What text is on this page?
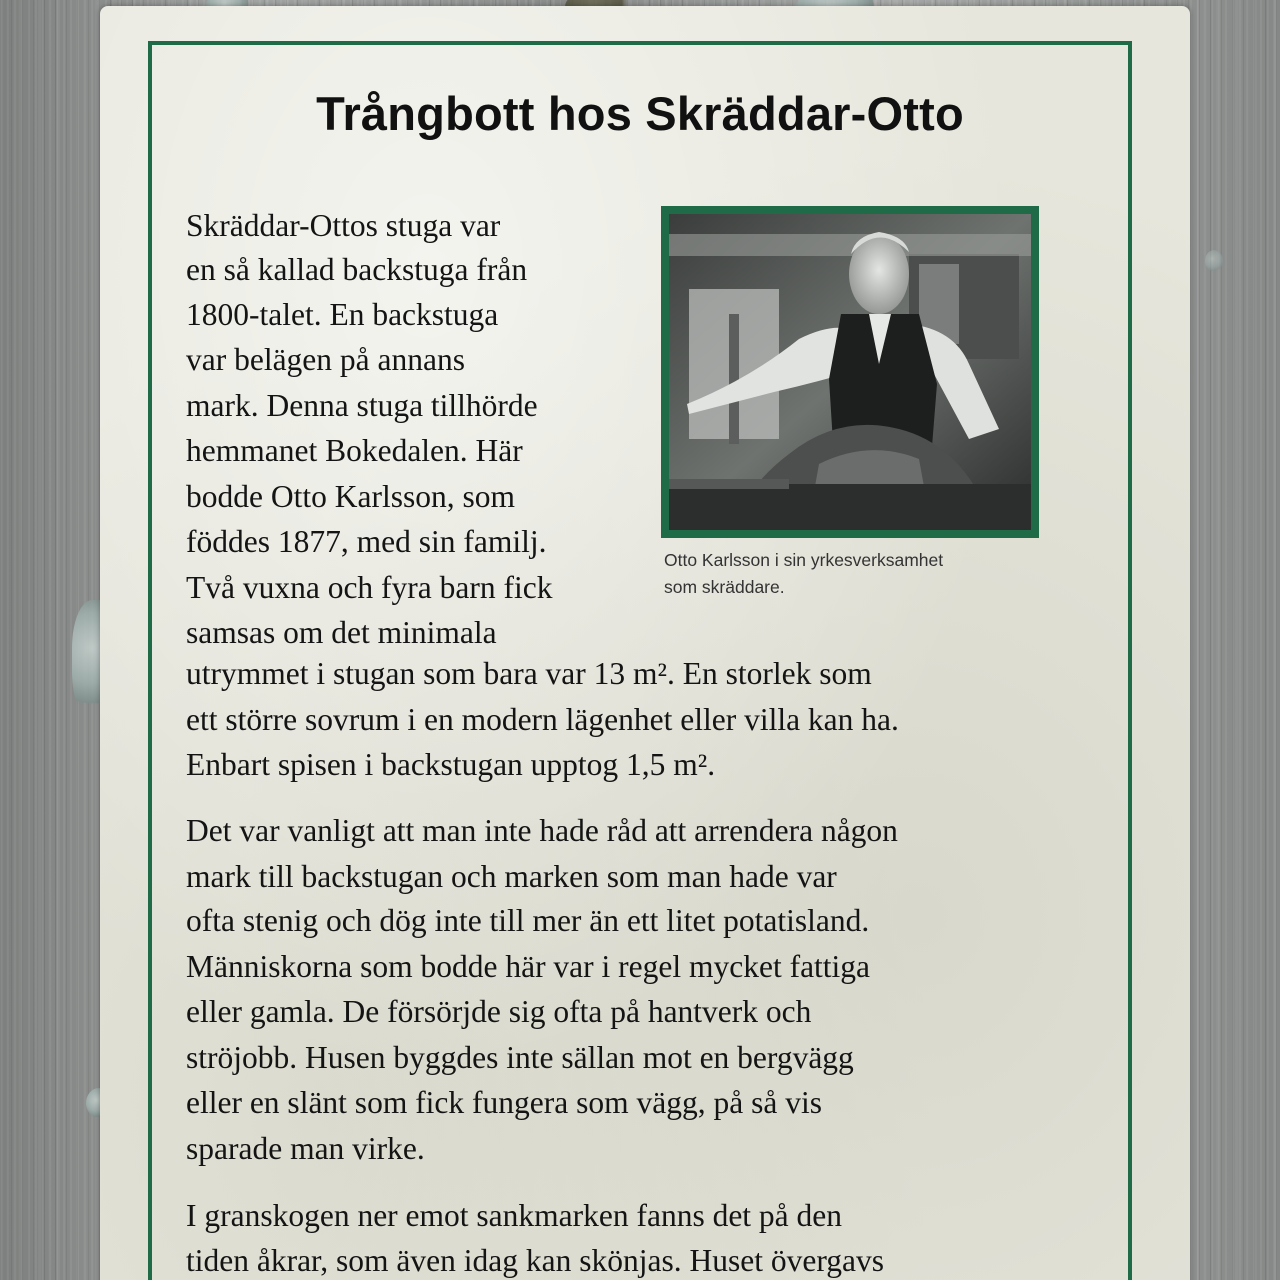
Trångbott hos Skräddar-Otto

Skräddar-Ottos stuga var

en så kallad backstuga från

1800-talet. En backstuga

var belägen på annans

mark. Denna stuga tillhörde

hemmanet Bokedalen. Här

bodde Otto Karlsson, som

föddes 1877, med sin familj.

Två vuxna och fyra barn fick

samsas om det minimala

utrymmet i stugan som bara var 13 m². En storlek som

ett större sovrum i en modern lägenhet eller villa kan ha.

Enbart spisen i backstugan upptog 1,5 m².

Det var vanligt att man inte hade råd att arrendera någon

mark till backstugan och marken som man hade var

ofta stenig och dög inte till mer än ett litet potatisland.

Människorna som bodde här var i regel mycket fattiga

eller gamla. De försörjde sig ofta på hantverk och

ströjobb. Husen byggdes inte sällan mot en bergvägg

eller en slänt som fick fungera som vägg, på så vis

sparade man virke.

I granskogen ner emot sankmarken fanns det på den

tiden åkrar, som även idag kan skönjas. Huset övergavs

Otto Karlsson i sin yrkesverksamhet

som skräddare.
